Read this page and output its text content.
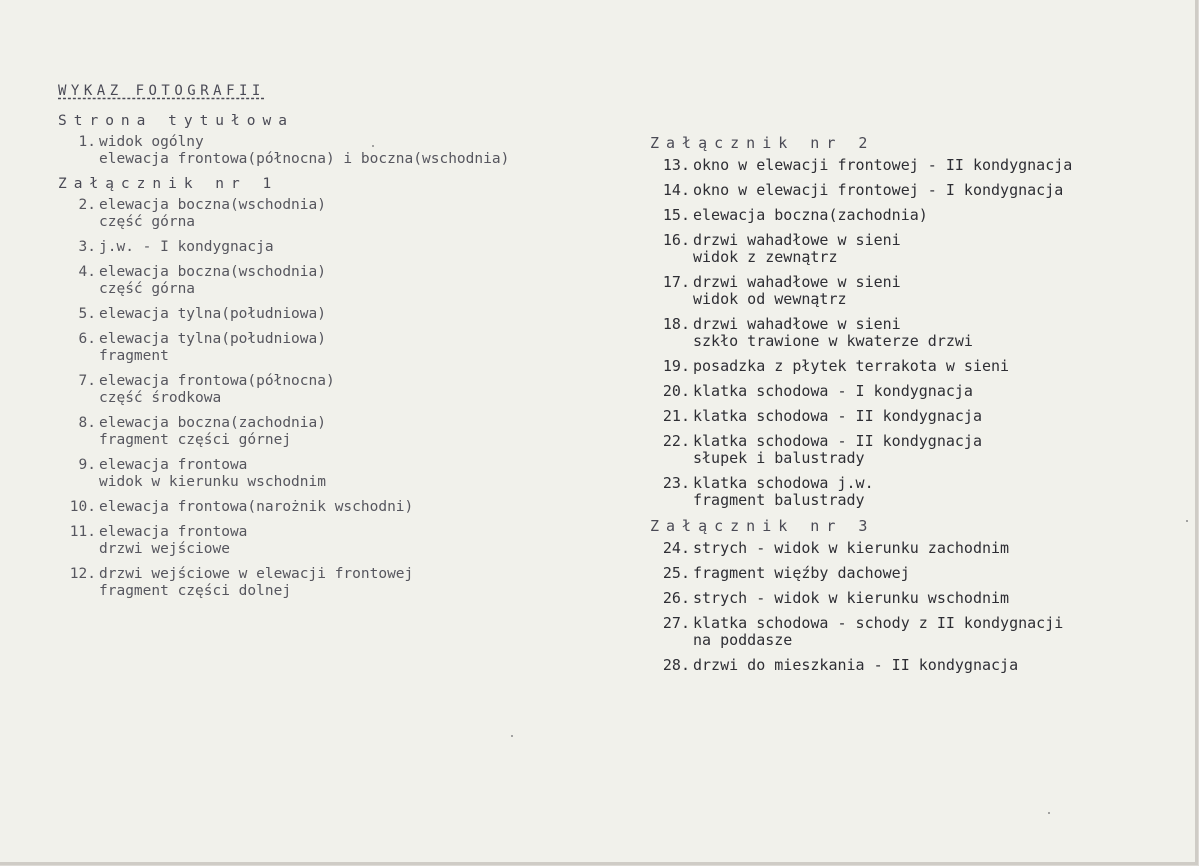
WYKAZ FOTOGRAFII
Strona tytułowa
1. widok ogólny
elewacja frontowa(północna) i boczna(wschodnia)
Załącznik nr 1
2. elewacja boczna(wschodnia)
część górna
3. j.w. - I kondygnacja
4. elewacja boczna(wschodnia)
część górna
5. elewacja tylna(południowa)
6. elewacja tylna(południowa)
fragment
7. elewacja frontowa(północna)
część środkowa
8. elewacja boczna(zachodnia)
fragment części górnej
9. elewacja frontowa
widok w kierunku wschodnim
10. elewacja frontowa(narożnik wschodni)
11. elewacja frontowa
drzwi wejściowe
12. drzwi wejściowe w elewacji frontowej
fragment części dolnej
Załącznik nr 2
13. okno w elewacji frontowej - II kondygnacja
14. okno w elewacji frontowej - I kondygnacja
15. elewacja boczna(zachodnia)
16. drzwi wahadłowe w sieni
widok z zewnątrz
17. drzwi wahadłowe w sieni
widok od wewnątrz
18. drzwi wahadłowe w sieni
szkło trawione w kwaterze drzwi
19. posadzka z płytek terrakota w sieni
20. klatka schodowa - I kondygnacja
21. klatka schodowa - II kondygnacja
22. klatka schodowa - II kondygnacja
słupek i balustrady
23. klatka schodowa j.w.
fragment balustrady
Załącznik nr 3
24. strych - widok w kierunku zachodnim
25. fragment więźby dachowej
26. strych - widok w kierunku wschodnim
27. klatka schodowa - schody z II kondygnacji
na poddasze
28. drzwi do mieszkania - II kondygnacja
